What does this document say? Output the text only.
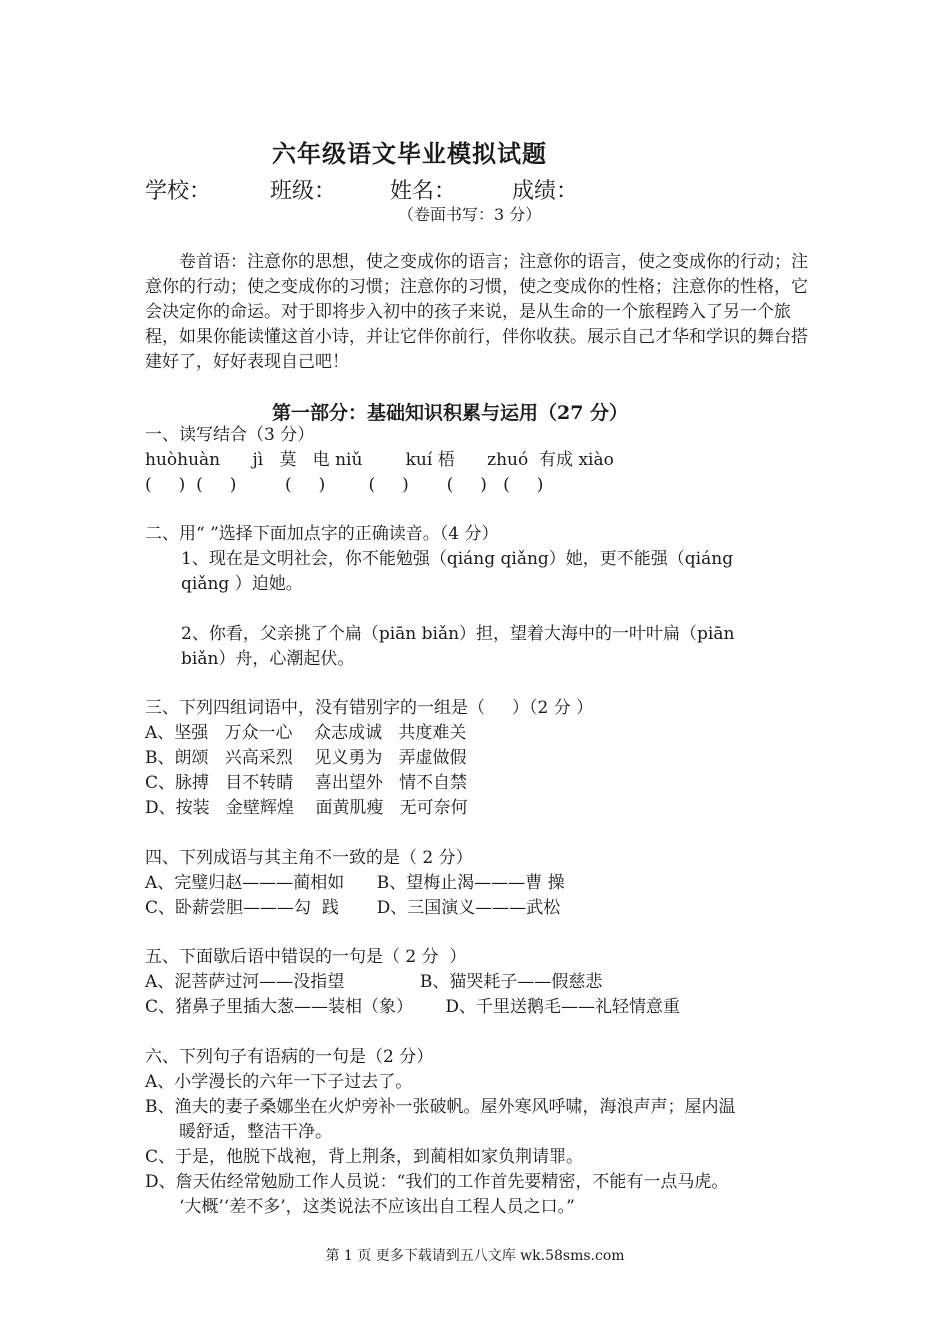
六年级语文毕业模拟试题
学校：	班级： 姓名：	成绩：
（卷面书写：3 分）

卷首语：注意你的思想，使之变成你的语言；注意你的语言，使之变成你的行动；注意你的行动；使之变成你的习惯；注意你的习惯，使之变成你的性格；注意你的性格，它会决定你的命运。对于即将步入初中的孩子来说，是从生命的一个旅程跨入了另一个旅程，如果你能读懂这首小诗，并让它伴你前行，伴你收获。展示自己才华和学识的舞台搭建好了，好好表现自己吧！

第一部分：基础知识积累与运用（27 分）
一、读写结合（3 分）
huòhuàn      jì   莫   电 niǔ        kuí 梧      zhuó  有成 xiào
(     )  (     )         (     )        (     )       (     )   (     )
二、用“ ”选择下面加点字的正确读音。（4 分）
1、现在是文明社会，你不能勉强（qiáng qiǎng）她，更不能强（qiáng
qiǎng ）迫她。
2、你看，父亲挑了个扁（piān biǎn）担，望着大海中的一叶叶扁（piān
biǎn）舟，心潮起伏。
三、下列四组词语中，没有错别字的一组是（     ）（2 分 ）
A、坚强   万众一心    众志成诚   共度难关
B、朗颂   兴高采烈    见义勇为   弄虚做假
C、脉搏   目不转睛    喜出望外   情不自禁
D、按装   金壁辉煌    面黄肌瘦   无可奈何
四、下列成语与其主角不一致的是（ 2 分）
A、完璧归赵———蔺相如      B、望梅止渴———曹 操
C、卧薪尝胆———勾  践       D、三国演义———武松
五、下面歇后语中错误的一句是（ 2 分  ）
A、泥菩萨过河——没指望              B、猫哭耗子——假慈悲
C、猪鼻子里插大葱——装相（象）      D、千里送鹅毛——礼轻情意重
六、下列句子有语病的一句是（2 分）
A、小学漫长的六年一下子过去了。
B、渔夫的妻子桑娜坐在火炉旁补一张破帆。屋外寒风呼啸，海浪声声；屋内温
暖舒适，整洁干净。
C、于是，他脱下战袍，背上荆条，到蔺相如家负荆请罪。
D、詹天佑经常勉励工作人员说：“我们的工作首先要精密，不能有一点马虎。
‘大概’‘差不多’，这类说法不应该出自工程人员之口。”
第 1 页 更多下载请到五八文库 wk.58sms.com
